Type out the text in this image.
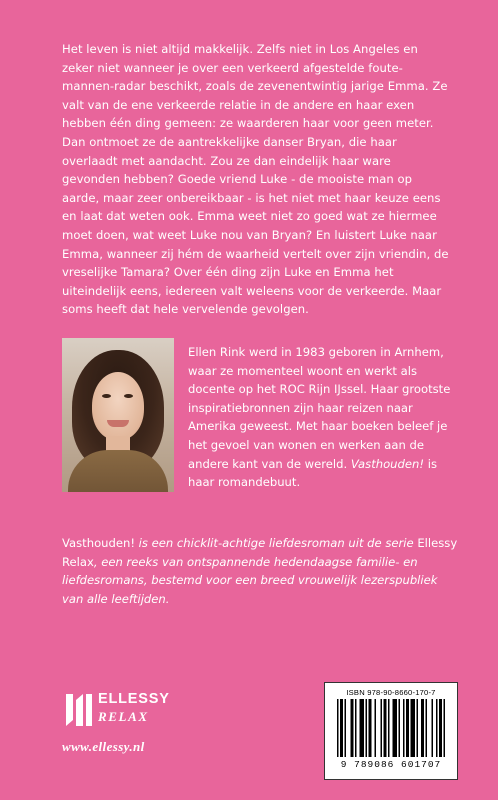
Het leven is niet altijd makkelijk. Zelfs niet in Los Angeles en zeker niet wanneer je over een verkeerd afgestelde foute-mannen-radar beschikt, zoals de zevenentwintig jarige Emma. Ze valt van de ene verkeerde relatie in de andere en haar exen hebben één ding gemeen: ze waarderen haar voor geen meter. Dan ontmoet ze de aantrekkelijke danser Bryan, die haar overlaadt met aandacht. Zou ze dan eindelijk haar ware gevonden hebben? Goede vriend Luke - de mooiste man op aarde, maar zeer onbereikbaar - is het niet met haar keuze eens en laat dat weten ook. Emma weet niet zo goed wat ze hiermee moet doen, wat weet Luke nou van Bryan? En luistert Luke naar Emma, wanneer zij hém de waarheid vertelt over zijn vriendin, de vreselijke Tamara? Over één ding zijn Luke en Emma het uiteindelijk eens, iedereen valt weleens voor de verkeerde. Maar soms heeft dat hele vervelende gevolgen.
Ellen Rink werd in 1983 geboren in Arnhem, waar ze momenteel woont en werkt als docente op het ROC Rijn IJssel. Haar grootste inspiratiebronnen zijn haar reizen naar Amerika geweest. Met haar boeken beleef je het gevoel van wonen en werken aan de andere kant van de wereld. Vasthouden! is haar romandebuut.
Vasthouden! is een chicklit-achtige liefdesroman uit de serie Ellessy Relax, een reeks van ontspannende hedendaagse familie- en liefdesromans, bestemd voor een breed vrouwelijk lezerspubliek van alle leeftijden.
ELLESSY
RELAX
www.ellessy.nl
ISBN 978-90-8660-170-7
9 789086 601707
